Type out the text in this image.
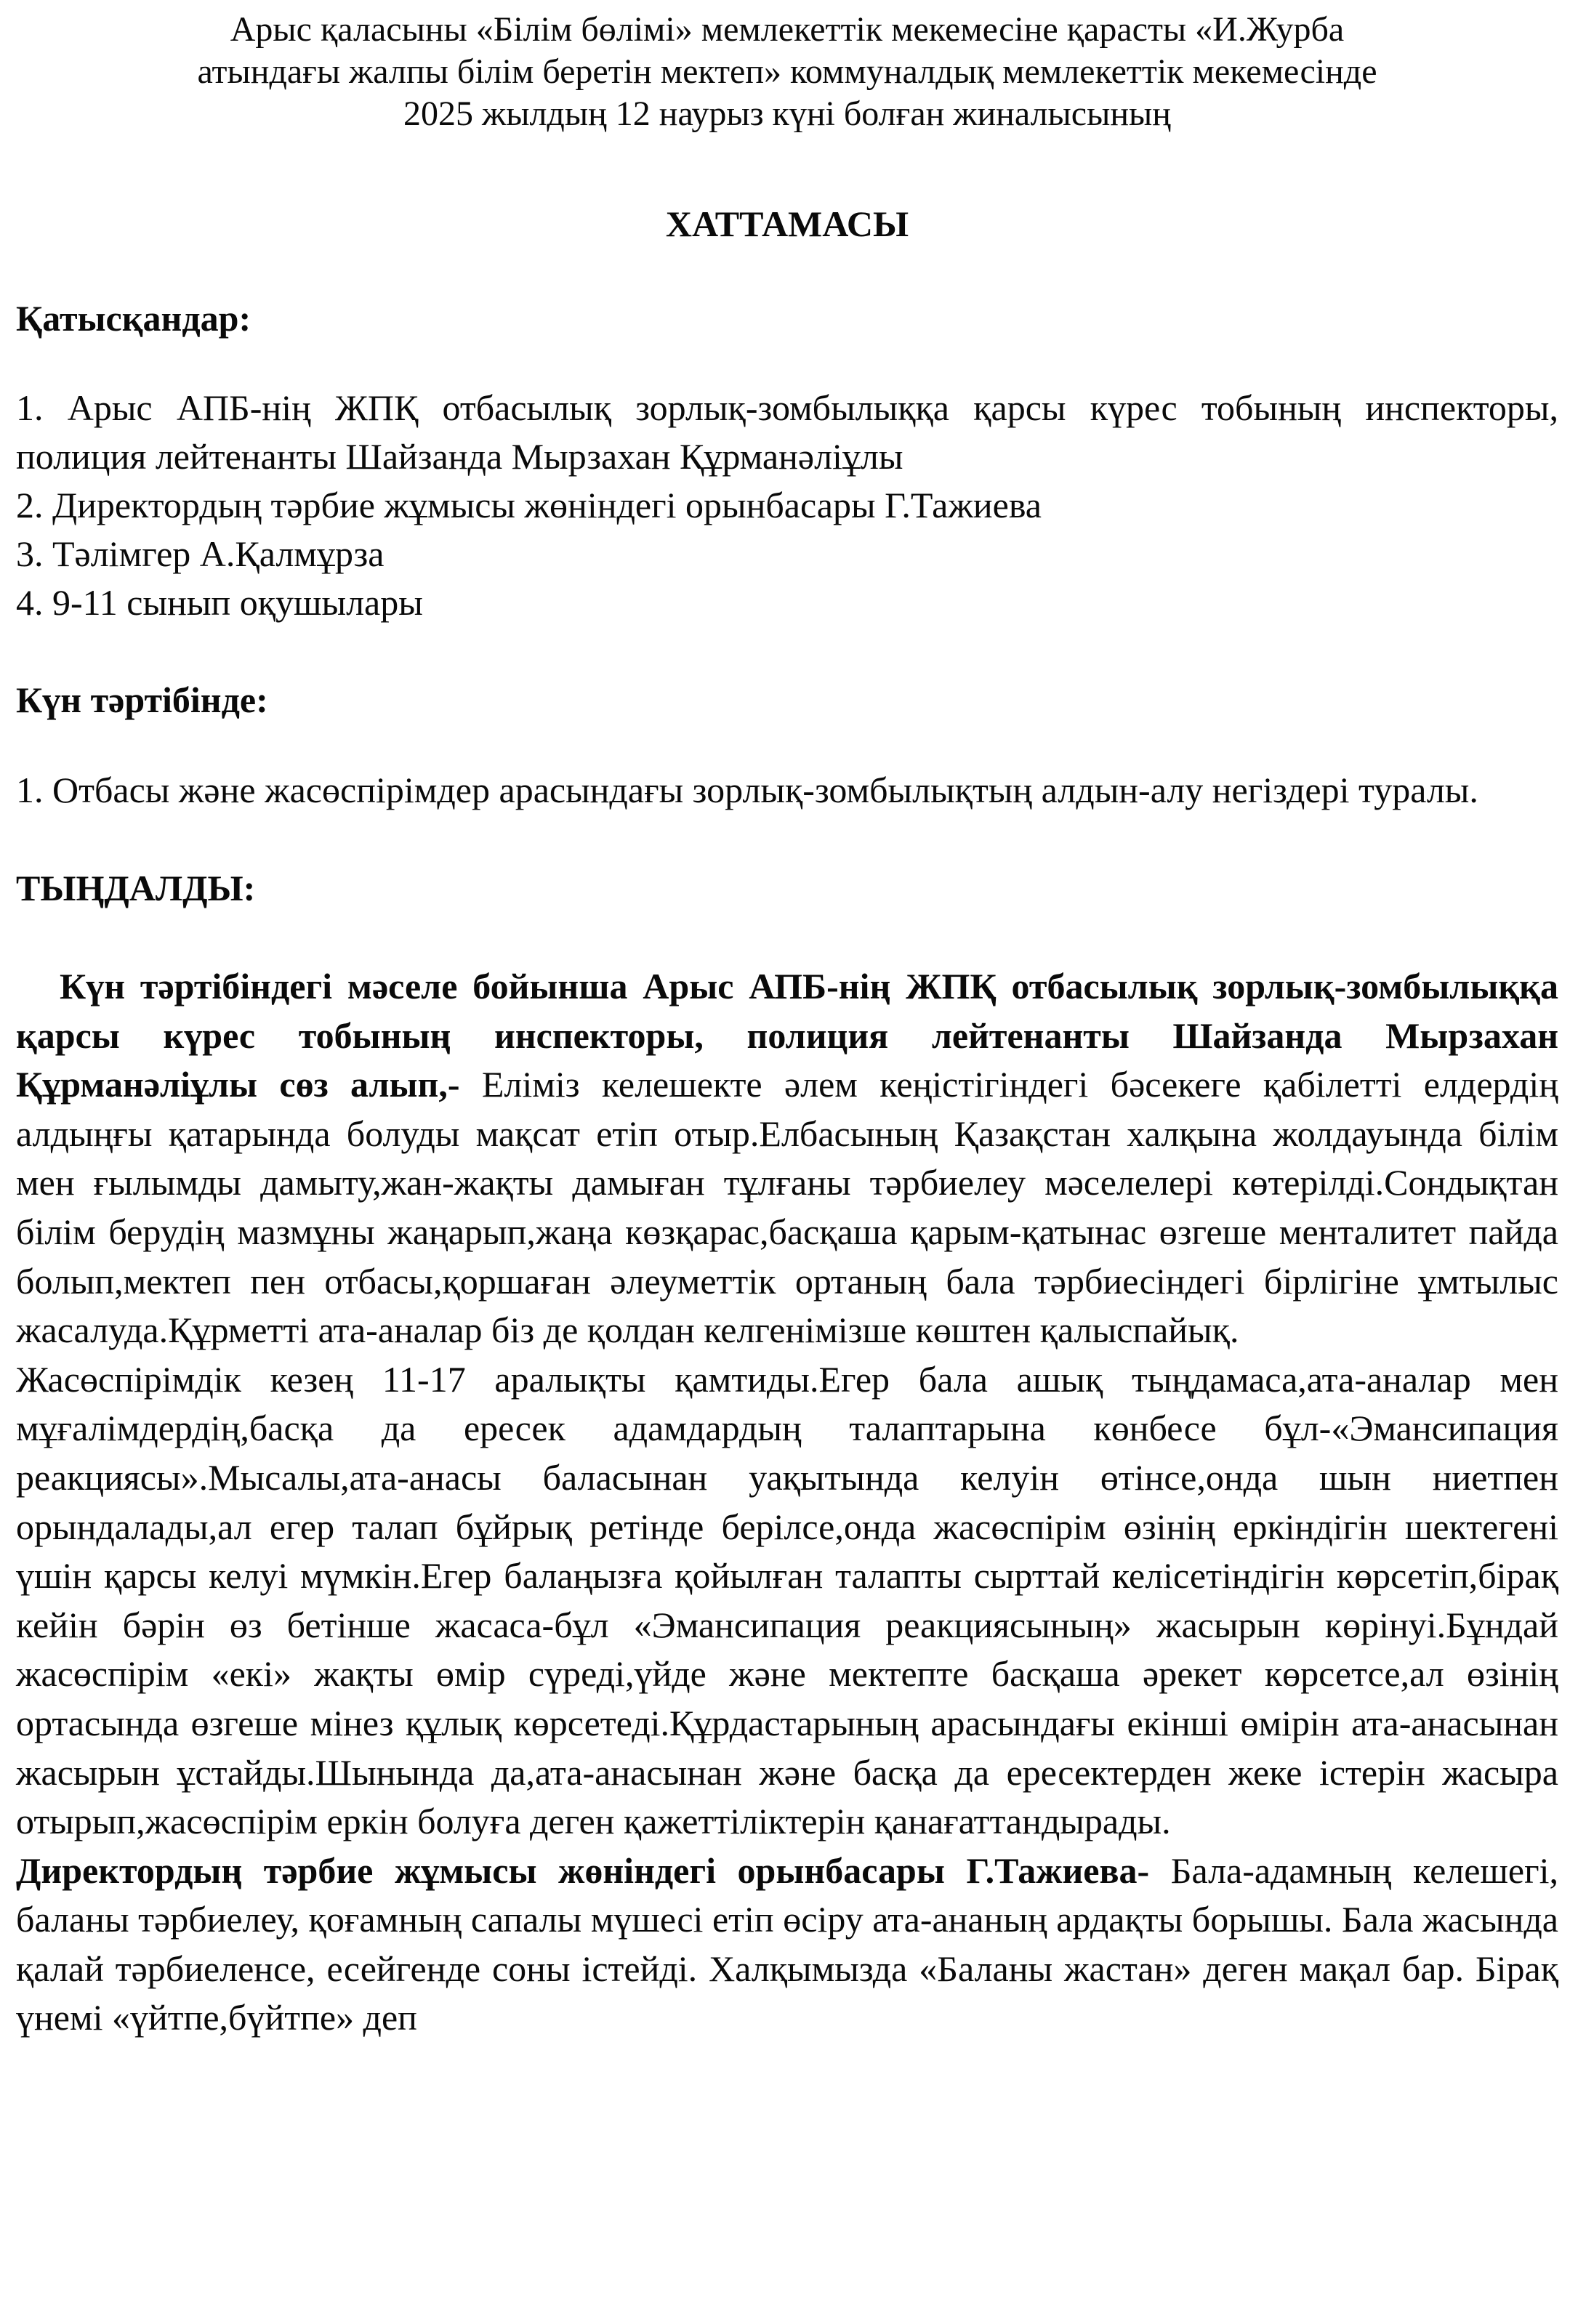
Арыс қаласыны «Білім бөлімі» мемлекеттік мекемесіне қарасты «И.Журба
атындағы жалпы білім беретін мектеп» коммуналдық мемлекеттік мекемесінде
2025 жылдың 12 наурыз күні болған жиналысының
ХАТТАМАСЫ
Қатысқандар:
1. Арыс АПБ-нің ЖПҚ отбасылық зорлық-зомбылыққа қарсы күрес тобының инспекторы, полиция лейтенанты Шайзанда Мырзахан Құрманәліұлы
2. Директордың тәрбие жұмысы жөніндегі орынбасары Г.Тажиева
3. Тәлімгер А.Қалмұрза
4. 9-11 сынып оқушылары
Күн тәртібінде:
1. Отбасы және жасөспірімдер арасындағы зорлық-зомбылықтың алдын-алу негіздері туралы.
ТЫҢДАЛДЫ:

Күн тәртібіндегі мәселе бойынша Арыс АПБ-нің ЖПҚ отбасылық зорлық-зомбылыққа қарсы күрес тобының инспекторы, полиция лейтенанты Шайзанда Мырзахан Құрманәліұлы сөз алып,- Еліміз келешекте әлем кеңістігіндегі бәсекеге қабілетті елдердің алдыңғы қатарында болуды мақсат етіп отыр.Елбасының Қазақстан халқына жолдауында білім мен ғылымды дамыту,жан-жақты дамыған тұлғаны тәрбиелеу мәселелері көтерілді.Сондықтан білім берудің мазмұны жаңарып,жаңа көзқарас,басқаша қарым-қатынас өзгеше менталитет пайда болып,мектеп пен отбасы,қоршаған әлеуметтік ортаның бала тәрбиесіндегі бірлігіне ұмтылыс жасалуда.Құрметті ата-аналар біз де қолдан келгенімізше көштен қалыспайық.

Жасөспірімдік кезең 11-17 аралықты қамтиды.Егер бала ашық тыңдамаса,ата-аналар мен мұғалімдердің,басқа да ересек адамдардың талаптарына көнбесе бұл-«Эмансипация реакциясы».Мысалы,ата-анасы баласынан уақытында келуін өтінсе,онда шын ниетпен орындалады,ал егер талап бұйрық ретінде берілсе,онда жасөспірім өзінің еркіндігін шектегені үшін қарсы келуі мүмкін.Егер балаңызға қойылған талапты сырттай келісетіндігін көрсетіп,бірақ кейін бәрін өз бетінше жасаса-бұл «Эмансипация реакциясының» жасырын көрінуі.Бұндай жасөспірім «екі» жақты өмір сүреді,үйде және мектепте басқаша әрекет көрсетсе,ал өзінің ортасында өзгеше мінез құлық көрсетеді.Құрдастарының арасындағы екінші өмірін ата-анасынан жасырын ұстайды.Шынында да,ата-анасынан және басқа да ересектерден жеке істерін жасыра отырып,жасөспірім еркін болуға деген қажеттіліктерін қанағаттандырады.

Директордың тәрбие жұмысы жөніндегі орынбасары Г.Тажиева- Бала-адамның келешегі, баланы тәрбиелеу, қоғамның сапалы мүшесі етіп өсіру ата-ананың ардақты борышы. Бала жасында қалай тәрбиеленсе, есейгенде соны істейді. Халқымызда «Баланы жастан» деген мақал бар. Бірақ үнемі «үйтпе,бүйтпе» деп
